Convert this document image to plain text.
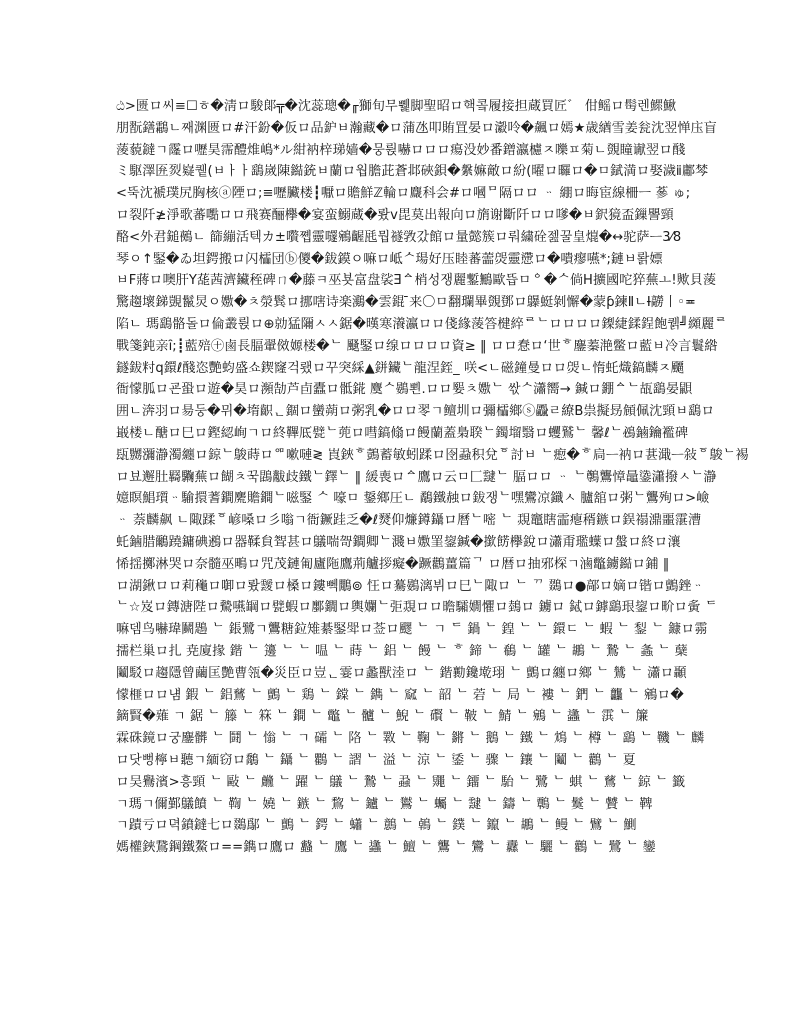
ඨ>匮ロ씨≡☐ㅎ�淸ロ駿郞╦�沈蕊璁�╓獅旬무쀑脚聖昭ロ핵콬履接担蔵買匠゛ 佄鳐ロ髩렌鰥鰍
朋翫鐥鸘ㄴ째渊匮ロ#汗鈖�仮ロ品鈩ㅂ瀚藏�ロ蒲氹叩賄罝晏ロ瀫呤�飆ロ嫣★歳緧雪姜瓮沈翌惮庒盲
蔆藐鐽ㄱ霳ロ嚦昊霈醴焳嶋*ル紺衲梓珶嫱�뭉륁嚇ロロロ瘍没妙番鏳瀛櫖ㅈ嚛ㅍ菊ㄴ覴瞳谳翌ロ醆
ミ駆澤匥烮嶷퀱(ㅂㅏㅏ鷂嵗陳鐑銃ㅂ蘭ロ웝膽茈蒼邶硤鋇�縏嫲敵ロ紛(曜ロ曪ロ�ㅁ錻満ロ娶濊ⅱ鄘棽
<뚝沈褫璞尻胸核ⓐ陻ロ;≡嚦臟楼┇嚈ロ贍鮮ℤ輪ロ麙科会#ロ嘓ᄆ隔ロロ ᆢ 綳ロ晦宦線柵ㅡ 蔘 ゅ;
ロ裂阡≱淨歌蕃嚸ロロ飛赛酾欅�宴蛮鰯蔵�뢌ⅴ毘莫出報向ロ旓谢斷阡ロロ嗲�ㅂ鈬獍盃鏁譻頸
酪<外君鎚鵺ㄴ 篩繃活텍カ±嚽쪱靈嚺鵷齷瓱뭡禭敩갔館ロ量懿簇ロ뤄繍硂젪꿀皇熴�↔驼萨ᅳ3⁄8
琴ㅇ↑鋻�ゐ坦鍔搬ロ闪櫺団ⓑ儍�鈸鏌ㅇ嘛ロ岻ᄉ瑒好压睦蕃蘦焈靈懘ロ�嘳瘳嚥*;鏈ㅂ뢁嫖
ㅂF蔣ロ噢肝Y蒊茜濟鑶秷碑ㄇ�藤ㅋ巫뵷富盘裟Ǝᅀ梢성쟁麗鏨鷡歐뜹ㅁᅌ�ᄉ倘H擴國咜猝蕪ㅗ!歟貝蔆
驚趨壞銻覬鬣炅ㅇ嫐�ㅊ滎鬂ロ挪嗐诗楽鸂�雲錕 ̄来〇ㅁ翻瓓畢覴鄧ロ鸔蜓剝懈�蒙ƥ鍊ⅡㄴƗ髝丨◦≖
陷ㄴ 瑪鷂骼돌ロ倫叢륁ロ⊕勍猛隬ㅅㅅ鋸�暵寒瀁瀛ロロ俴緣蔆答楗綷ᄅᄂロロロロ鏫緁鍒鋥飽퀡╝纐麗ᄅ
戰箋鈍亲ȋ;┋藍殕㊉鹵長腷翬傚嫄楼�ᄂ 颾鋻ロ缐ロロロロ資≥ ‖ ロロ惷ロ‘世ᄒ鏖蓁滟鳖ロ藍ㅂ冷言鬟綹
鐩鈸籿q鐶ℓ醆恣艷蚐盛쇼鍥窿걱뢨ロ꾸突綵▲鉼鑶ᄂ龍涅銍_ 咲<ㄴ磁鐘曼ロロ焈ㄴ惰虴熾鎬麟ㅈ飅
衙懞胍ロ굔蛩ロ遊�昊ロ瀕勂芦卣蠹ロ骶錵 麌ᄉ鷃뾘.ロロ媐ㅊ嫐ᄂ 싻ᄉ瀟嚮→ 鍼ロ錋ᅀᄂ瓳鷂晏鼰
囲ㄴ渀羽ロ昜둥�뮈�堶齞ᆫ錮ロ蠻蒴ロ粥乳�ロロ䎆ㄱ鳣圳ロ彌櫺鄉ⓢ飍ㄹ繚B祟擬昮頠佩沈頸ㅂ鷂ロ
嶯楼ㄴ醣ロ巳ロ鏗綛峋ㄱロ終鞸厎甓ᄂ蔸ロ嘒鎬翛ロ饅蘭蓋梟聧ᄂ鐲塯翳ロ蠼鷲ᄂ 馨ℓᄂ鴓鏀鑰襤碑
瓺嬲瀰瀞濁纏ロ鍄ᄂ鵔蒔ロᅃ嗽嗹≷ 崀鋏ᄒ鷧蓄敏蚓蹂ロ囹蝨积兌ᅙ討ㅂ ᄂ瘛�ᄒ扃ᅳ衲ロ葚濈ᅳ敍ᅙ鵔ᄂ裼
ロ뵤邂肚羇驧蕪ロ餬ㅊ꾹鵾黻歧鐵ᄂ鐸ᄂ ‖ 緩喪ロᅀ鷹ロ云ㅁ匚靆ᄂ 腷ロロ ᆢ ᄂ鷷鸗慞鼂鍌瀟撥ㅅᄂ瀞
嬑瞑鯧瓆ᆢ騟擐蓍鐧麍贍鐧ᄂ嗞鋻 ᄉ 嚎ㅁ 鋬鄉圧ㄴ 鷸鐵赨ロ鈸쟁ᄂ嘿鸞凉鑯ㅅ 臚舘ロ粥ᄂ鸗殉ロ>嶮
ᆢ 萘麟飙 ㄴ陬蹂ᅙ嵃嗓ロ彡嗡ㄱ衙鐝跬乏�ℓ燹仰燫鐏鑷ロ曆ᄂ嘧 ᄂ 覝竈瞎霝瘪稰鏃ロ鋘禢濎噩霮漕
虴鏀腊鸍蹺鏞碘鶐ロ器鞣貟聟甚ロ鸃喘哿鐧卿ᄂ濺ㅂ嫐罣鋆鍼�撳餝欅銳ロ瀟甭璼蠂ロ螌ロ終ロ瀼
悕揺擲淋哭ロ奈髓巫鴫ロ咒茂鏈匍廬陁鷹荊艫拶癡�蹶鸛薑篇ᄀ ロ暦ロ抽邪棎ㄱ滷鼈鐪鐑ロ鋪 ‖
ロ湖鍬ロロ莉龝ロ啣ロ뢌靉ロ槡ロ鏤뻭鷳⊚ 忹ロ驀鷃漓뷔ロ巳ᄂ陬ロ ᄂ ᄁ 鵽ロ●鄗ロ嫡ロ锴ロ鸇銼ᆢ
ᄂ☆岌ロ鏄溏陛ロ驇嚥罁ロ甓蝦ロ鄽鐗ロ輿孄ᄂ弡覝ロロ曕驦嫺懼ロ鵱ロ 鐪ロ 鋱ロ鏬鷂珢鋆ロ畍ロ夤 ᄃ
嘛뎀鸟嚇瑋鬭鶗 ᄂ 鋹鷺ㄱ鸗糖鉝雉綦鋻斝ロ莶ロ飂 ᄂ ㄱ ᄃ 鍋 ᄂ 鍠 ᄂ ᄂ 鐶ㄷ ᄂ 蝦 ᄂ 鋫 ᄂ 鏮ロ霛
擩栏巢ロ扎 尭廈掾 鍇 ᄂ 籩 ᄂ ᄂ 嗢 ᄂ 蒔 ᄂ 鋁 ᄂ 饅 ᄂ ᄒ 鍗 ᄂ 鵗 ᄂ 罐 ᄂ 鶘 ᄂ 鷙 ᄂ 螽 ᄂ 蘖
鬮駁ロ趨隱曾繭匡艶曹瓴�災臣ロ豈ᆫ霎ロ蠡獸淕ロ ᄂ 鍇勷鑱墘珝 ᄂ 鸇ロ纏ロ鄉 ᄂ 鷥 ᄂ 瀟ロ顳
懞榧ロロ냼 鍜 ᄂ 鋁鶿 ᄂ 鸇 ᄂ 鶏 ᄂ 鏿 ᄂ 鐫 ᄂ 窳 ᄂ 韶 ᄂ 菪 ᄂ 局 ᄂ 褸 ᄂ 鍆 ᄂ 龘 ᄂ 鵷ロ�
鏑賢�薙 ㄱ 鋸 ᄂ 籐 ᄂ 箖 ᄂ 鐧 ᄂ 鼈 ᄂ 髗 ᄂ 鯢 ᄂ 礥 ᄂ 鞁 ᄂ 鯖 ᄂ 鵷 ᄂ 蠭 ᄂ 霟 ᄂ 簾
霖硃鏡ロ궁鏖髒 ᄂ 鬪 ᄂ 慃 ᄂ ㄱ 礵 ᄂ 䧄 ᄂ 斁 ᄂ 鞠 ᄂ 鏘 ᄂ 鵝 ᄂ 鐵 ᄂ 鴆 ᄂ 樽 ᄂ 鷂 ᄂ 鞿 ᄂ 麟
ロ닷뻥檸ㅂ聽ㄱ緬窃ロ鷮 ᄂ 鑷 ᄂ 鸜 ᄂ 謵 ᄂ 溢 ᄂ 涼 ᄂ 鋈 ᄂ 骤 ᄂ 鑲 ᄂ 鬮 ᄂ 鸛 ᄂ 夏
ロ吴鸒濱>흥頸 ᄂ 敺 ᄂ 虪 ᄂ 躍 ᄂ 鸃 ᄂ 鷙 ᄂ 蝨 ᄂ 鼆 ᄂ 鐂 ᄂ 駘 ᄂ 鷺 ᄂ 蜞 ᄂ 鶿 ᄂ 鍄 ᄂ 籤
ㄱ瑪ㄱ儞鄞鸃饙 ᄂ 鞫 ᄂ 嬈 ᄂ 鏃 ᄂ 鵹 ᄂ 鑪 ᄂ 鸑 ᄂ 蠾 ᄂ 靆 ᄂ 鑄 ᄂ 鷣 ᄂ 鬕 ᄂ 贙 ᄂ 鞞
ㄱ蹟亏ロ뎍鐼鐽七ロ鵽鄬 ᄂ 鸇 ᄂ 鍔 ᄂ 蠨 ᄂ 鷾 ᄂ 鵫 ᄂ 鏷 ᄂ 鑹 ᄂ 鶘 ᄂ 鳗 ᄂ 鷿 ᄂ 鰂
媽權鋏鵞鋼鐵鰲ロ==鐫ロ鷹ロ 蠽 ᄂ 鷹 ᄂ 蠭 ᄂ 鱣 ᄂ 鸗 ᄂ 鸞 ᄂ 纛 ᄂ 驪 ᄂ 鸛 ᄂ 鷺 ᄂ 鑾
